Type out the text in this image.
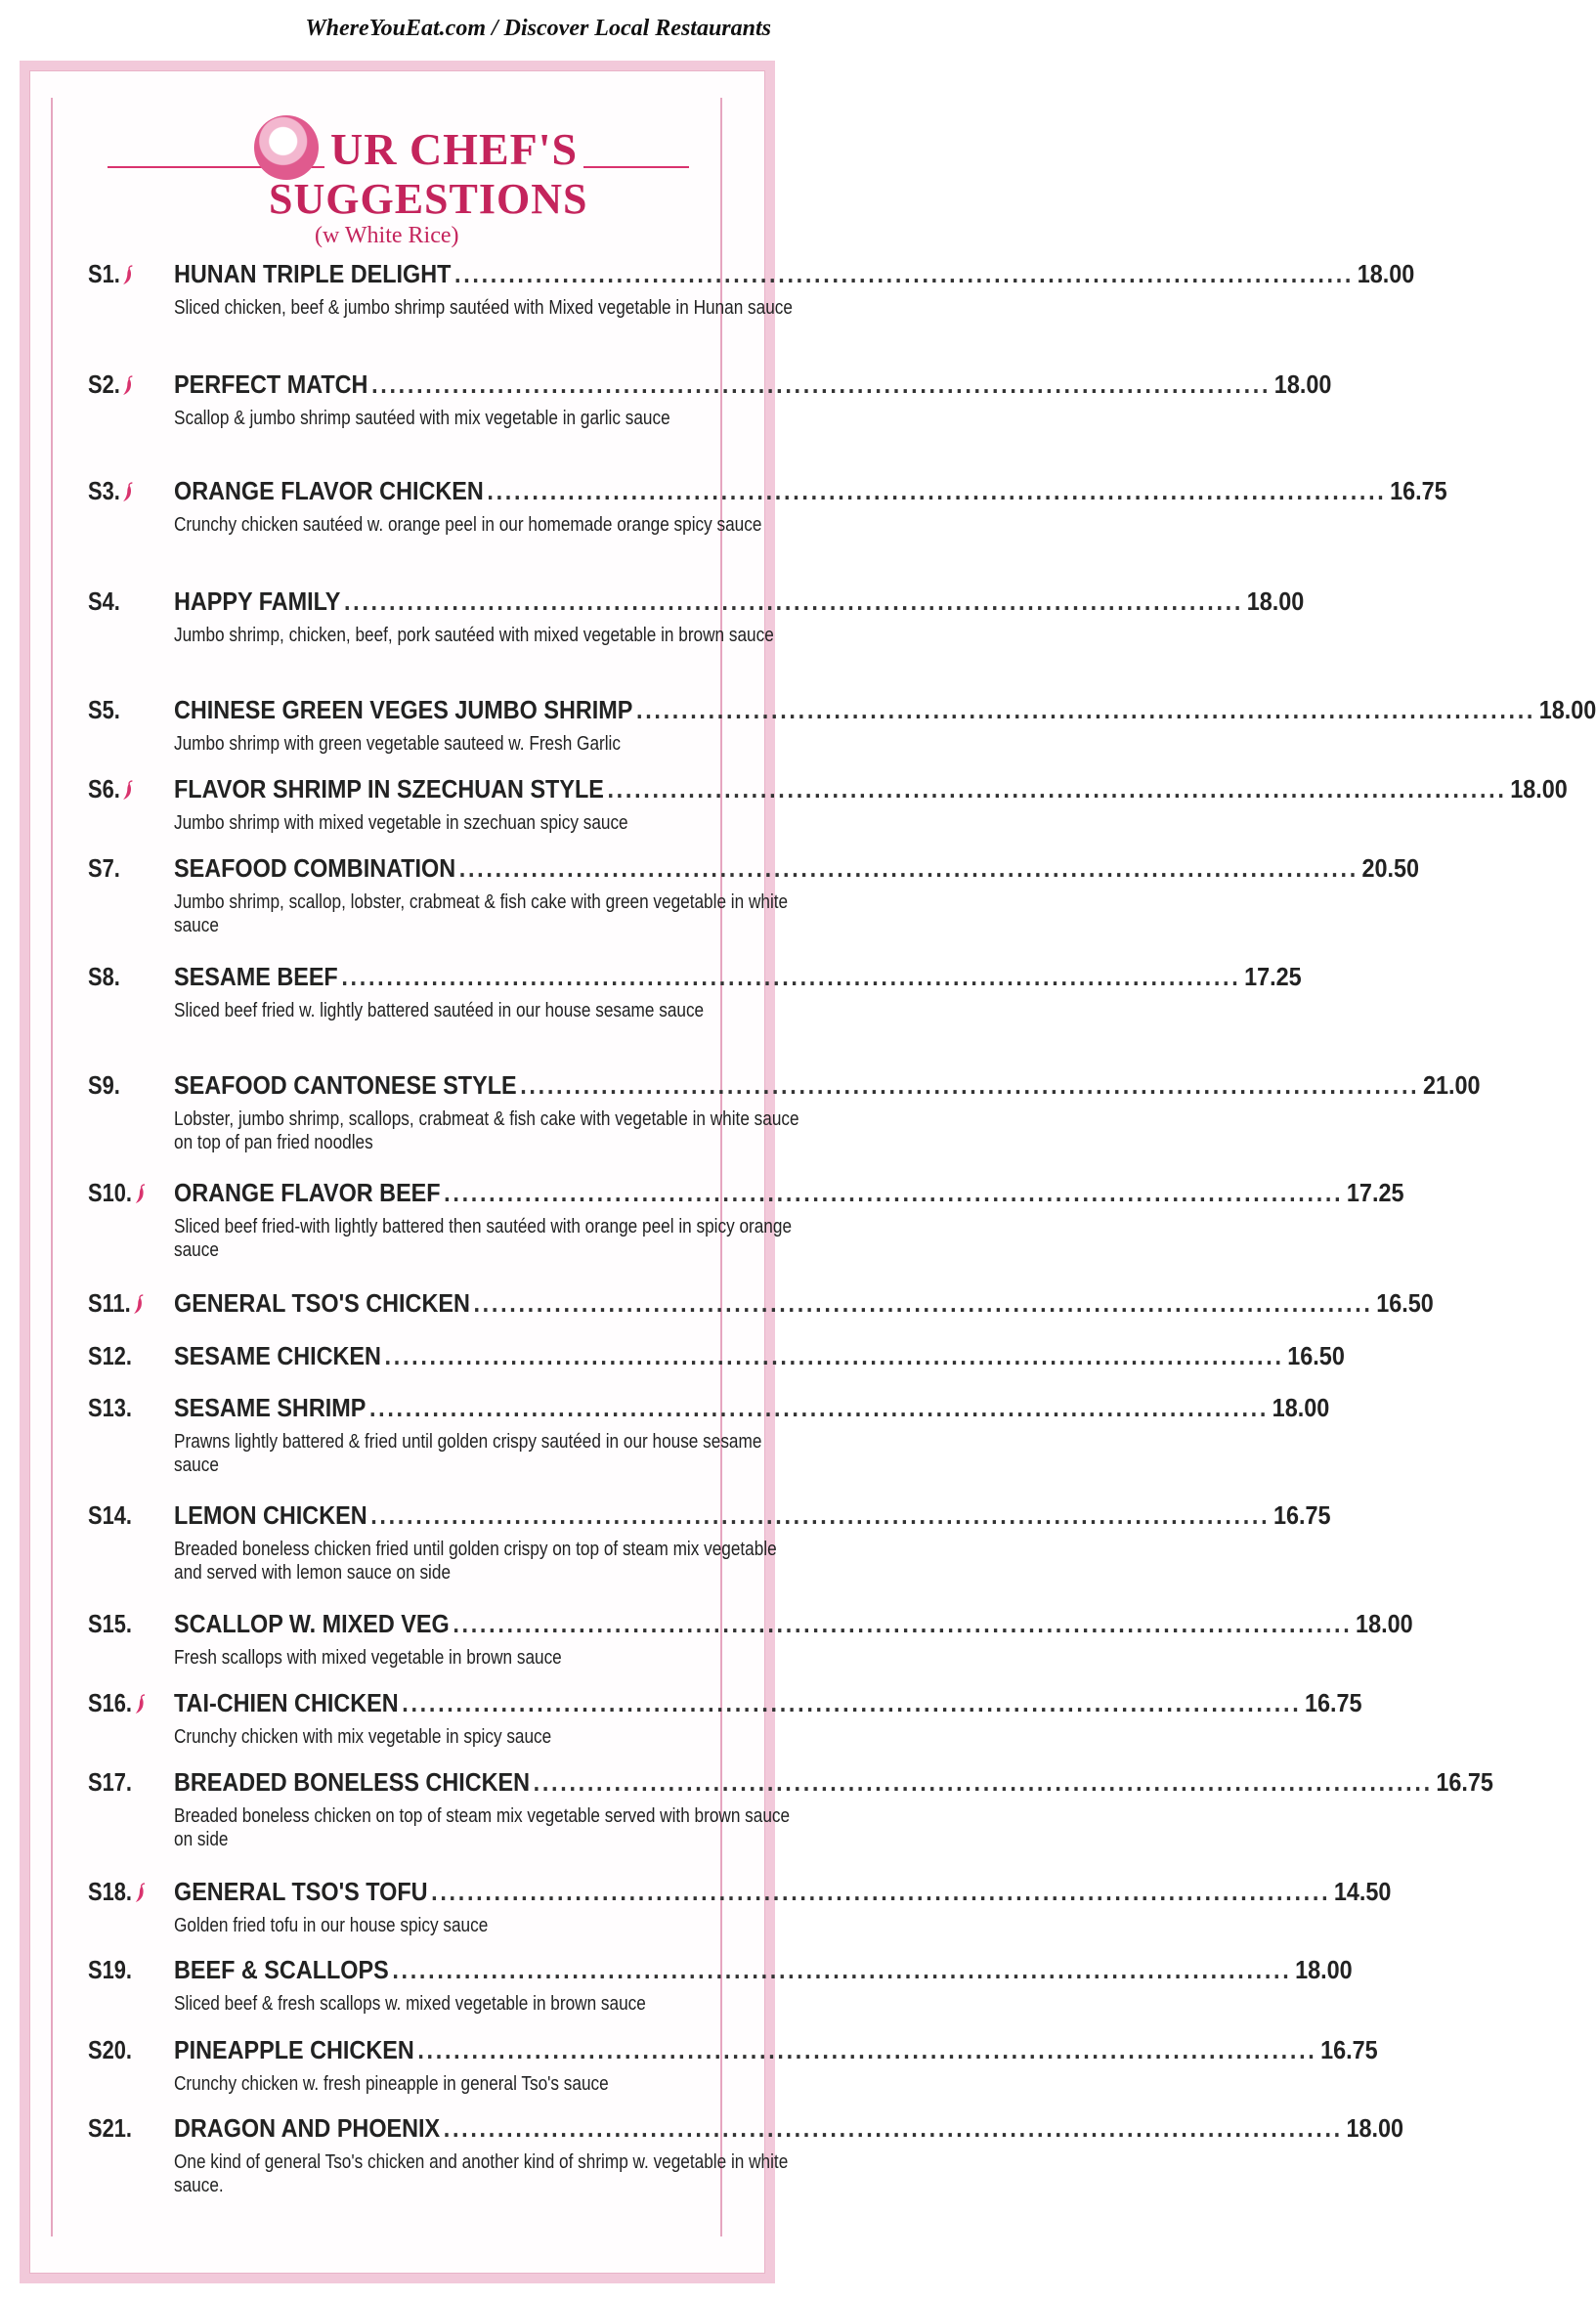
WhereYouEat.com / Discover Local Restaurants
UR CHEF'S
SUGGESTIONS
(w White Rice)
S1.	HUNAN TRIPLE DELIGHT .....	18.00
Sliced chicken, beef & jumbo shrimp sautéed with Mixed vegetable in Hunan sauce
S2.	PERFECT MATCH .....	18.00
Scallop & jumbo shrimp sautéed with mix vegetable in garlic sauce
S3.	ORANGE FLAVOR CHICKEN .....	16.75
Crunchy chicken sautéed w. orange peel in our homemade orange spicy sauce
S4. HAPPY FAMILY .....	18.00
Jumbo shrimp, chicken, beef, pork sautéed with mixed vegetable in brown sauce
S5. CHINESE GREEN VEGES JUMBO SHRIMP .....	18.00
Jumbo shrimp with green vegetable sauteed w. Fresh Garlic
S6.	FLAVOR SHRIMP IN SZECHUAN STYLE .....	18.00
Jumbo shrimp with mixed vegetable in szechuan spicy sauce
S7. SEAFOOD COMBINATION .....	20.50
Jumbo shrimp, scallop, lobster, crabmeat & fish cake with green vegetable in white sauce
S8. SESAME BEEF .....	17.25
Sliced beef fried w. lightly battered sautéed in our house sesame sauce
S9. SEAFOOD CANTONESE STYLE .....	21.00
Lobster, jumbo shrimp, scallops, crabmeat & fish cake with vegetable in white sauce on top of pan fried noodles
S10.	ORANGE FLAVOR BEEF .....	17.25
Sliced beef fried-with lightly battered then sautéed with orange peel in spicy orange sauce
S11.	GENERAL TSO'S CHICKEN .....	16.50
S12. SESAME CHICKEN .....	16.50
S13. SESAME SHRIMP .....	18.00
Prawns lightly battered & fried until golden crispy sautéed in our house sesame sauce
S14. LEMON CHICKEN .....	16.75
Breaded boneless chicken fried until golden crispy on top of steam mix vegetable and served with lemon sauce on side
S15. SCALLOP W. MIXED VEG .....	18.00
Fresh scallops with mixed vegetable in brown sauce
S16.	TAI-CHIEN CHICKEN .....	16.75
Crunchy chicken with mix vegetable in spicy sauce
S17. BREADED BONELESS CHICKEN .....	16.75
Breaded boneless chicken on top of steam mix vegetable served with brown sauce on side
S18.	GENERAL TSO'S TOFU .....	14.50
Golden fried tofu in our house spicy sauce
S19. BEEF & SCALLOPS .....	18.00
Sliced beef & fresh scallops w. mixed vegetable in brown sauce
S20. PINEAPPLE CHICKEN .....	16.75
Crunchy chicken w. fresh pineapple in general Tso's sauce
S21. DRAGON AND PHOENIX .....	18.00
One kind of general Tso's chicken and another kind of shrimp w. vegetable in white sauce.
